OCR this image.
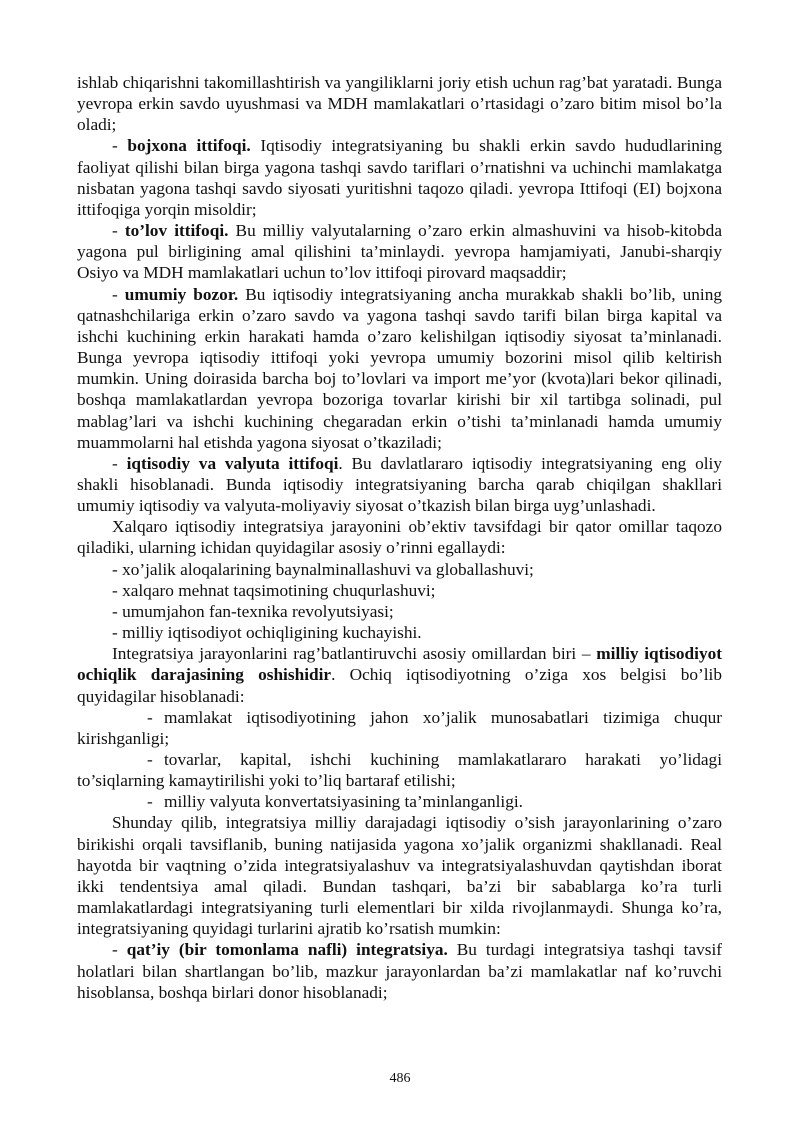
ishlab chiqarishni takomillashtirish va yangiliklarni joriy etish uchun rag’bat yaratadi. Bunga yevropa erkin savdo uyushmasi va MDH mamlakatlari o’rtasidagi o’zaro bitim misol bo’la oladi;

- bojxona ittifoqi. Iqtisodiy integratsiyaning bu shakli erkin savdo hududlarining faoliyat qilishi bilan birga yagona tashqi savdo tariflari o’rnatishni va uchinchi mamlakatga nisbatan yagona tashqi savdo siyosati yuritishni taqozo qiladi. yevropa Ittifoqi (EI) bojxona ittifoqiga yorqin misoldir;

- to’lov ittifoqi. Bu milliy valyutalarning o’zaro erkin almashuvini va hisob-kitobda yagona pul birligining amal qilishini ta’minlaydi. yevropa hamjamiyati, Janubi-sharqiy Osiyo va MDH mamlakatlari uchun to’lov ittifoqi pirovard maqsaddir;

- umumiy bozor. Bu iqtisodiy integratsiyaning ancha murakkab shakli bo’lib, uning qatnashchilariga erkin o’zaro savdo va yagona tashqi savdo tarifi bilan birga kapital va ishchi kuchining erkin harakati hamda o’zaro kelishilgan iqtisodiy siyosat ta’minlanadi. Bunga yevropa iqtisodiy ittifoqi yoki yevropa umumiy bozorini misol qilib keltirish mumkin. Uning doirasida barcha boj to’lovlari va import me’yor (kvota)lari bekor qilinadi, boshqa mamlakatlardan yevropa bozoriga tovarlar kirishi bir xil tartibga solinadi, pul mablag’lari va ishchi kuchining chegaradan erkin o’tishi ta’minlanadi hamda umumiy muammolarni hal etishda yagona siyosat o’tkaziladi;

- iqtisodiy va valyuta ittifoqi. Bu davlatlararo iqtisodiy integratsiyaning eng oliy shakli hisoblanadi. Bunda iqtisodiy integratsiyaning barcha qarab chiqilgan shakllari umumiy iqtisodiy va valyuta-moliyaviy siyosat o’tkazish bilan birga uyg’unlashadi.

Xalqaro iqtisodiy integratsiya jarayonini ob’ektiv tavsifdagi bir qator omillar taqozo qiladiki, ularning ichidan quyidagilar asosiy o’rinni egallaydi:

- xo’jalik aloqalarining baynalminallashuvi va globallashuvi;

- xalqaro mehnat taqsimotining chuqurlashuvi;

- umumjahon fan-texnika revolyutsiyasi;

- milliy iqtisodiyot ochiqligining kuchayishi.

Integratsiya jarayonlarini rag’batlantiruvchi asosiy omillardan biri – milliy iqtisodiyot ochiqlik darajasining oshishidir. Ochiq iqtisodiyotning o’ziga xos belgisi bo’lib quyidagilar hisoblanadi:

- mamlakat iqtisodiyotining jahon xo’jalik munosabatlari tizimiga chuqur kirishganligi;

- tovarlar, kapital, ishchi kuchining mamlakatlararo harakati yo’lidagi to’siqlarning kamaytirilishi yoki to’liq bartaraf etilishi;

- milliy valyuta konvertatsiyasining ta’minlanganligi.

Shunday qilib, integratsiya milliy darajadagi iqtisodiy o’sish jarayonlarining o’zaro birikishi orqali tavsiflanib, buning natijasida yagona xo’jalik organizmi shakllanadi. Real hayotda bir vaqtning o’zida integratsiyalashuv va integratsiyalashuvdan qaytishdan iborat ikki tendentsiya amal qiladi. Bundan tashqari, ba’zi bir sabablarga ko’ra turli mamlakatlardagi integratsiyaning turli elementlari bir xilda rivojlanmaydi. Shunga ko’ra, integratsiyaning quyidagi turlarini ajratib ko’rsatish mumkin:

- qat’iy (bir tomonlama nafli) integratsiya. Bu turdagi integratsiya tashqi tavsif holatlari bilan shartlangan bo’lib, mazkur jarayonlardan ba’zi mamlakatlar naf ko’ruvchi hisoblansa, boshqa birlari donor hisoblanadi;

486
